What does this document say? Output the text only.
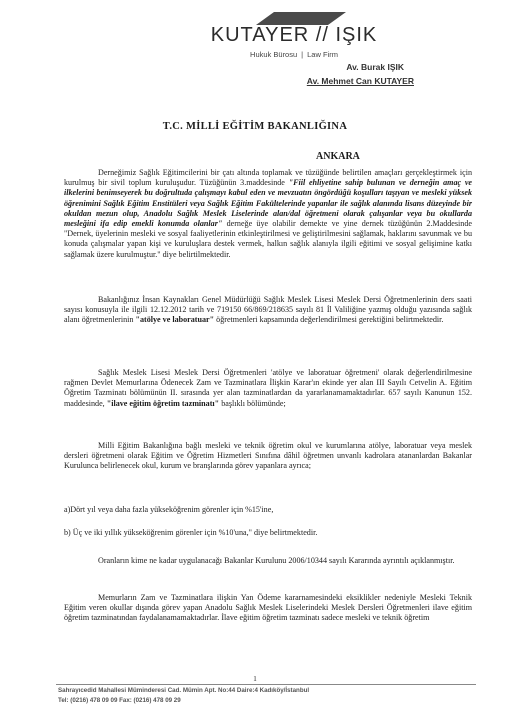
KUTAYER // IŞIK
Hukuk Bürosu | Law Firm
Av. Burak IŞIK
Av. Mehmet Can KUTAYER
T.C. MİLLİ EĞİTİM BAKANLIĞINA
ANKARA

Derneğimiz Sağlık Eğitimcilerini bir çatı altında toplamak ve tüzüğünde belirtilen amaçları gerçekleştirmek için kurulmuş bir sivil toplum kuruluşudur. Tüzüğünün 3.maddesinde "Fiil ehliyetine sahip bulunan ve derneğin amaç ve ilkelerini benimseyerek bu doğrultuda çalışmayı kabul eden ve mevzuatın öngördüğü koşulları taşıyan ve mesleki yüksek öğrenimini Sağlık Eğitim Enstitüleri veya Sağlık Eğitim Fakültelerinde yapanlar ile sağlık alanında lisans düzeyinde bir okuldan mezun olup, Anadolu Sağlık Meslek Liselerinde alan/dal öğretmeni olarak çalışanlar veya bu okullarda mesleğini ifa edip emekli konumda olanlar" derneğe üye olabilir demekte ve yine dernek tüzüğünün 2.Maddesinde "Dernek, üyelerinin mesleki ve sosyal faaliyetlerinin etkinleştirilmesi ve geliştirilmesini sağlamak, haklarını savunmak ve bu konuda çalışmalar yapan kişi ve kuruluşlara destek vermek, halkın sağlık alanıyla ilgili eğitimi ve sosyal gelişimine katkı sağlamak üzere kurulmuştur." diye belirtilmektedir.

Bakanlığınız İnsan Kaynakları Genel Müdürlüğü Sağlık Meslek Lisesi Meslek Dersi Öğretmenlerinin ders saati sayısı konusuyla ile ilgili 12.12.2012 tarih ve 719150 66/869/218635 sayılı 81 İl Valiliğine yazmış olduğu yazısında sağlık alanı öğretmenlerinin "atölye ve laboratuar" öğretmenleri kapsamında değerlendirilmesi gerektiğini belirtmektedir.

Sağlık Meslek Lisesi Meslek Dersi Öğretmenleri 'atölye ve laboratuar öğretmeni' olarak değerlendirilmesine rağmen Devlet Memurlarına Ödenecek Zam ve Tazminatlara İlişkin Karar'ın ekinde yer alan III Sayılı Cetvelin A. Eğitim Öğretim Tazminatı bölümünün II. sırasında yer alan tazminatlardan da yararlanamamaktadırlar. 657 sayılı Kanunun 152. maddesinde, "ilave eğitim öğretim tazminatı" başlıklı bölümünde;

Milli Eğitim Bakanlığına bağlı mesleki ve teknik öğretim okul ve kurumlarına atölye, laboratuar veya meslek dersleri öğretmeni olarak Eğitim ve Öğretim Hizmetleri Sınıfına dâhil öğretmen unvanlı kadrolara atananlardan Bakanlar Kurulunca belirlenecek okul, kurum ve branşlarında görev yapanlara ayrıca;

a)Dört yıl veya daha fazla yükseköğrenim görenler için %15'ine,
b) Üç ve iki yıllık yükseköğrenim görenler için %10'una," diye belirtmektedir.

Oranların kime ne kadar uygulanacağı Bakanlar Kurulunu 2006/10344 sayılı Kararında ayrıntılı açıklanmıştır.

Memurların Zam ve Tazminatlara ilişkin Yan Ödeme kararnamesindeki eksiklikler nedeniyle Mesleki Teknik Eğitim veren okullar dışında görev yapan Anadolu Sağlık Meslek Liselerindeki Meslek Dersleri Öğretmenleri ilave eğitim öğretim tazminatından faydalanamamaktadırlar. İlave eğitim öğretim tazminatı sadece mesleki ve teknik öğretim

1
Sahrayıcedid Mahallesi Müminderesi Cad. Mümin Apt. No:44 Daire:4 Kadıköy/İstanbul
Tel: (0216) 478 09 09 Fax: (0216) 478 09 29
